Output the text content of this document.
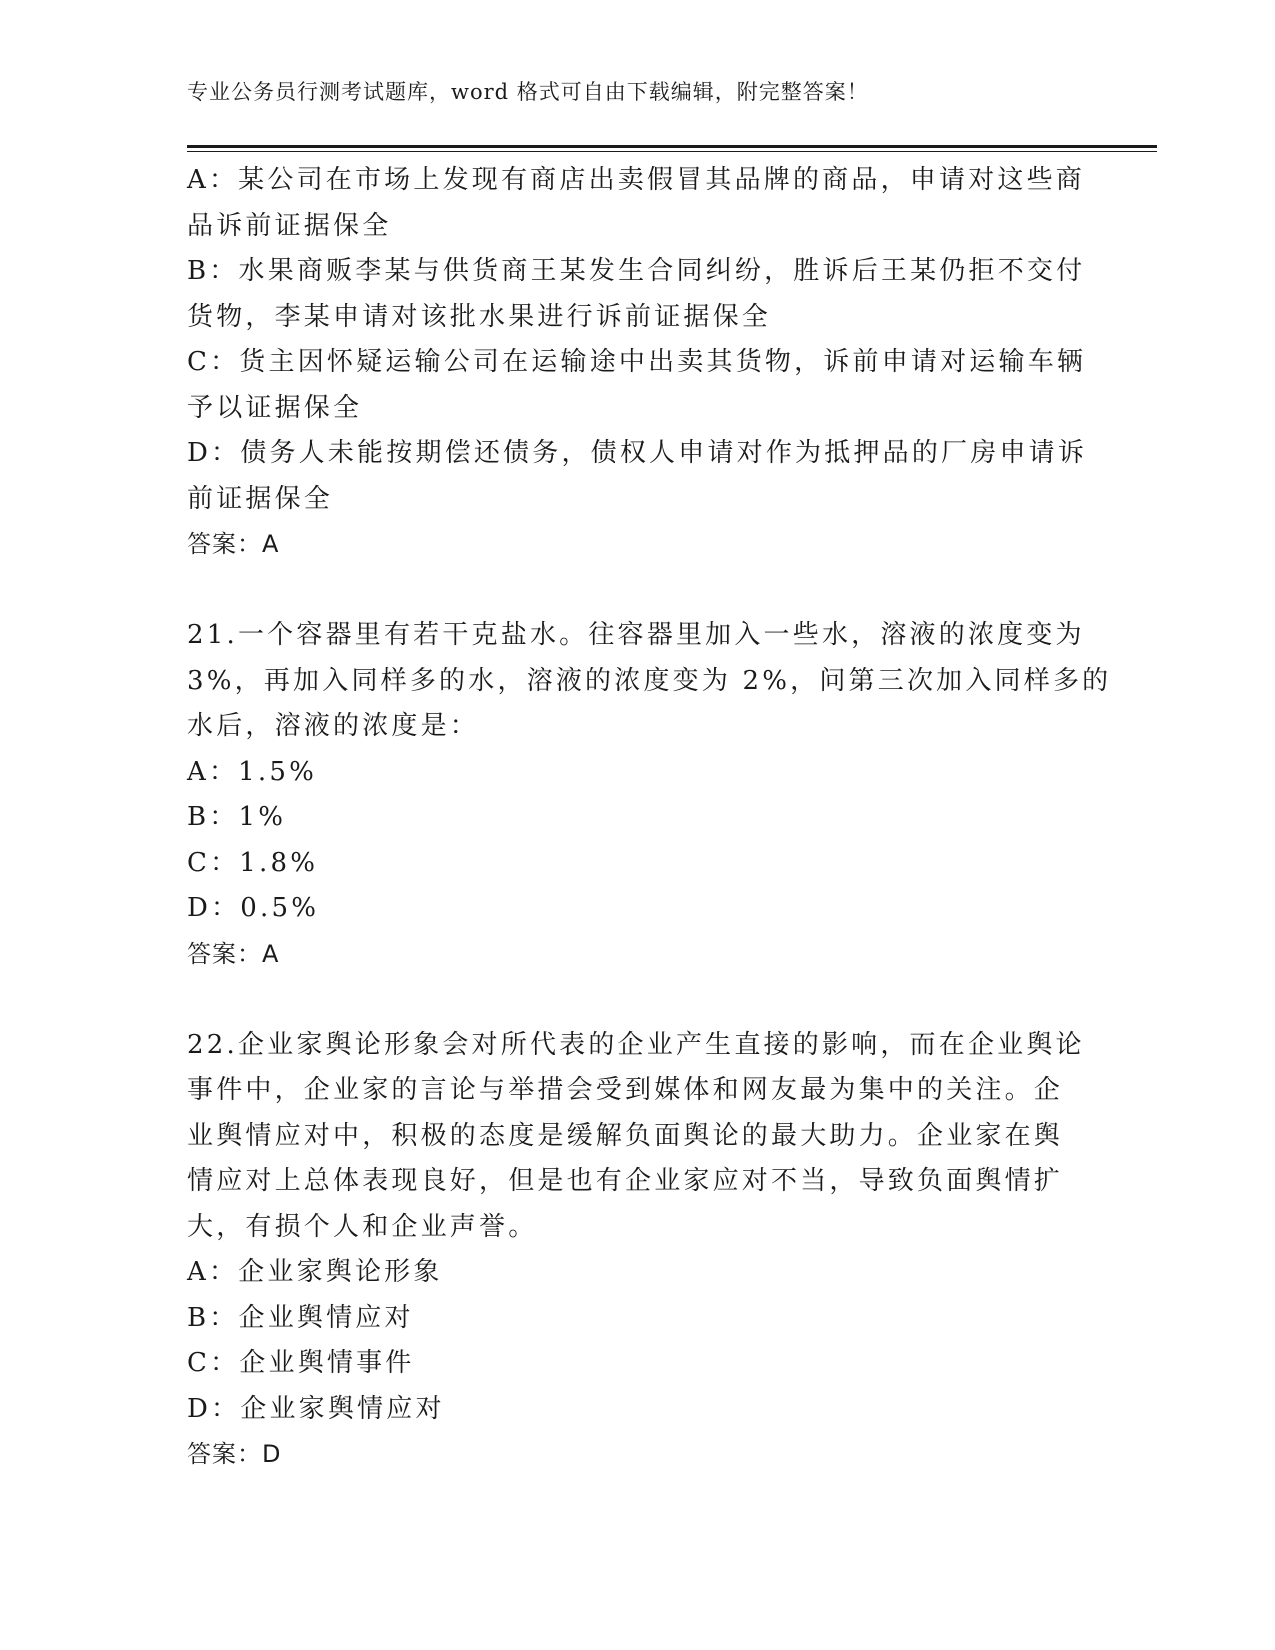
专业公务员行测考试题库，word 格式可自由下载编辑，附完整答案！
A：某公司在市场上发现有商店出卖假冒其品牌的商品，申请对这些商
品诉前证据保全
B：水果商贩李某与供货商王某发生合同纠纷，胜诉后王某仍拒不交付
货物，李某申请对该批水果进行诉前证据保全
C：货主因怀疑运输公司在运输途中出卖其货物，诉前申请对运输车辆
予以证据保全
D：债务人未能按期偿还债务，债权人申请对作为抵押品的厂房申请诉
前证据保全
答案：A
21.一个容器里有若干克盐水。往容器里加入一些水，溶液的浓度变为
3%，再加入同样多的水，溶液的浓度变为 2%，问第三次加入同样多的
水后，溶液的浓度是：
A：1.5%
B：1%
C：1.8%
D：0.5%
答案：A
22.企业家舆论形象会对所代表的企业产生直接的影响，而在企业舆论
事件中，企业家的言论与举措会受到媒体和网友最为集中的关注。企
业舆情应对中，积极的态度是缓解负面舆论的最大助力。企业家在舆
情应对上总体表现良好，但是也有企业家应对不当，导致负面舆情扩
大，有损个人和企业声誉。
A：企业家舆论形象
B：企业舆情应对
C：企业舆情事件
D：企业家舆情应对
答案：D
